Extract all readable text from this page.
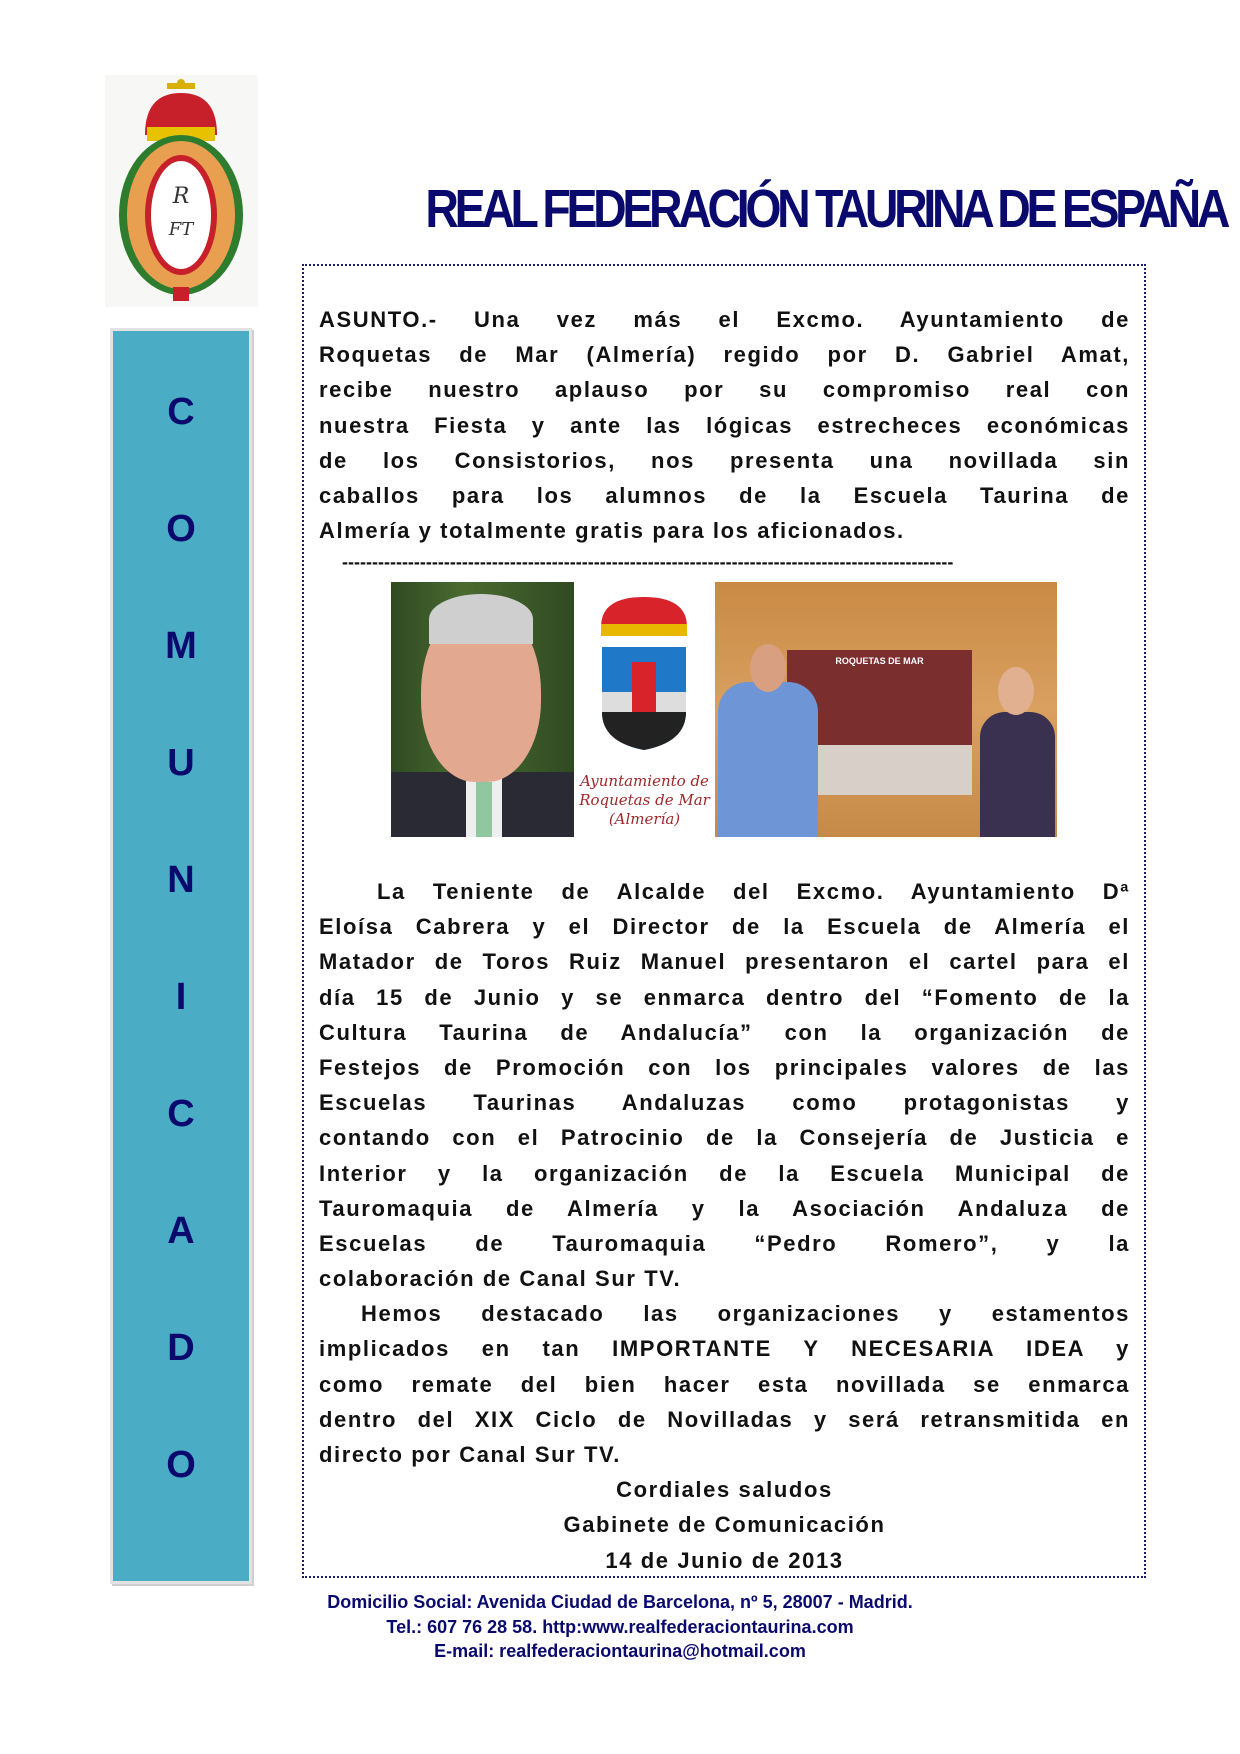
R
FT	REAL FEDERACIÓN TAURINA DE ESPAÑA
C
O
M
U
N
I
C
A
D
O
ASUNTO.- Una vez más el Excmo. Ayuntamiento de
Roquetas de Mar (Almería) regido por D. Gabriel Amat,
recibe nuestro aplauso por su compromiso real con
nuestra Fiesta y ante las lógicas estrecheces económicas
de los Consistorios, nos presenta una novillada sin
caballos para los alumnos de la Escuela Taurina de
Almería y totalmente gratis para los aficionados.
------------------------------------------------------------------------------------------------------
Ayuntamiento de
Roquetas de Mar
(Almería)
ROQUETAS DE MAR
La Teniente de Alcalde del Excmo. Ayuntamiento Dª
Eloísa Cabrera y el Director de la Escuela de Almería el
Matador de Toros Ruiz Manuel presentaron el cartel para el
día 15 de Junio y se enmarca dentro del “Fomento de la
Cultura Taurina de Andalucía” con la organización de
Festejos de Promoción con los principales valores de las
Escuelas Taurinas Andaluzas como protagonistas y
contando con el Patrocinio de la Consejería de Justicia e
Interior y la organización de la Escuela Municipal de
Tauromaquia de Almería y la Asociación Andaluza de
Escuelas de Tauromaquia “Pedro Romero”, y la
colaboración de Canal Sur TV.
Hemos destacado las organizaciones y estamentos
implicados en tan IMPORTANTE Y NECESARIA IDEA y
como remate del bien hacer esta novillada se enmarca
dentro del XIX Ciclo de Novilladas y será retransmitida en
directo por Canal Sur TV.
Cordiales saludos
Gabinete de Comunicación
14 de Junio de 2013
Domicilio Social: Avenida Ciudad de Barcelona, nº 5, 28007 - Madrid.
Tel.: 607 76 28 58. http:www.realfederaciontaurina.com
E-mail: realfederaciontaurina@hotmail.com
